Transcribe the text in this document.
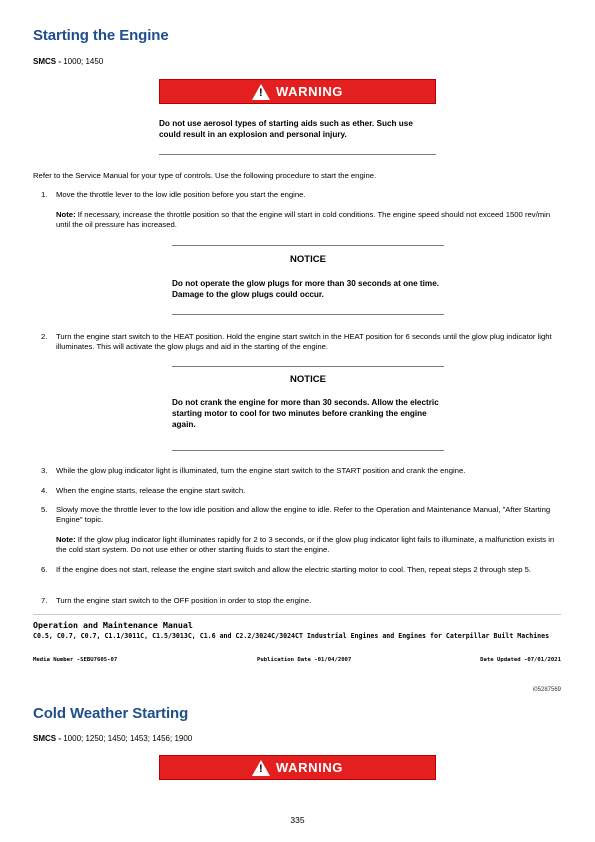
Starting the Engine
SMCS - 1000; 1450
! WARNING
Do not use aerosol types of starting aids such as ether. Such use could result in an explosion and personal injury.
Refer to the Service Manual for your type of controls. Use the following procedure to start the engine.
1. Move the throttle lever to the low idle position before you start the engine.
Note: If necessary, increase the throttle position so that the engine will start in cold conditions. The engine speed should not exceed 1500 rev/min until the oil pressure has increased.
NOTICE
Do not operate the glow plugs for more than 30 seconds at one time. Damage to the glow plugs could occur.
2. Turn the engine start switch to the HEAT position. Hold the engine start switch in the HEAT position for 6 seconds until the glow plug indicator light illuminates. This will activate the glow plugs and aid in the starting of the engine.
NOTICE
Do not crank the engine for more than 30 seconds. Allow the electric starting motor to cool for two minutes before cranking the engine again.
3. While the glow plug indicator light is illuminated, turn the engine start switch to the START position and crank the engine.
4. When the engine starts, release the engine start switch.
5. Slowly move the throttle lever to the low idle position and allow the engine to idle. Refer to the Operation and Maintenance Manual, "After Starting Engine" topic.
Note: If the glow plug indicator light illuminates rapidly for 2 to 3 seconds, or if the glow plug indicator light fails to illuminate, a malfunction exists in the cold start system. Do not use ether or other starting fluids to start the engine.
6. If the engine does not start, release the engine start switch and allow the electric starting motor to cool. Then, repeat steps 2 through step 5.
7. Turn the engine start switch to the OFF position in order to stop the engine.
Operation and Maintenance Manual
C0.5, C0.7, C0.7, C1.1/3011C, C1.5/3013C, C1.6 and C2.2/3024C/3024CT Industrial Engines and Engines for Caterpillar Built Machines
Media Number -SEBU7605-07	Publication Date -01/04/2007	Date Updated -07/01/2021
i05287569
Cold Weather Starting
SMCS - 1000; 1250; 1450; 1453; 1456; 1900
! WARNING
335
